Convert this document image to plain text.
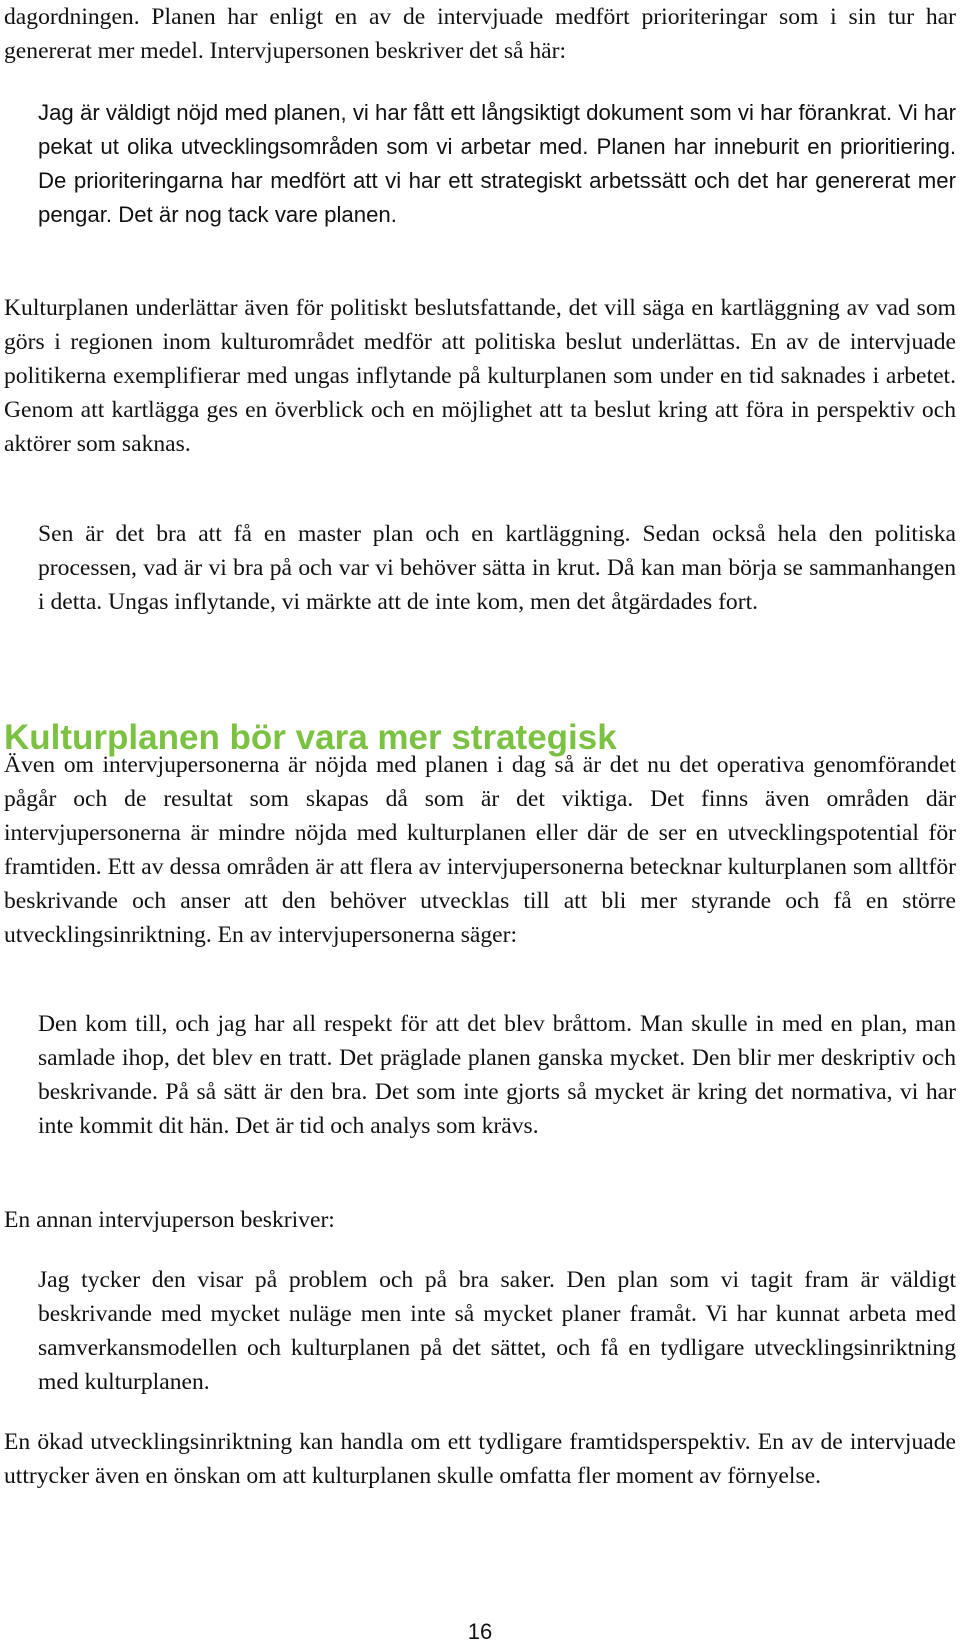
dagordningen. Planen har enligt en av de intervjuade medfört prioriteringar som i sin tur har genererat mer medel. Intervjupersonen beskriver det så här:

Jag är väldigt nöjd med planen, vi har fått ett långsiktigt dokument som vi har förankrat. Vi har pekat ut olika utvecklingsområden som vi arbetar med. Planen har inneburit en prioritiering. De prioriteringarna har medfört att vi har ett strategiskt arbetssätt och det har genererat mer pengar. Det är nog tack vare planen.

Kulturplanen underlättar även för politiskt beslutsfattande, det vill säga en kartläggning av vad som görs i regionen inom kulturområdet medför att politiska beslut underlättas. En av de intervjuade politikerna exemplifierar med ungas inflytande på kulturplanen som under en tid saknades i arbetet. Genom att kartlägga ges en överblick och en möjlighet att ta beslut kring att föra in perspektiv och aktörer som saknas.

Sen är det bra att få en master plan och en kartläggning. Sedan också hela den politiska processen, vad är vi bra på och var vi behöver sätta in krut. Då kan man börja se sammanhangen i detta. Ungas inflytande, vi märkte att de inte kom, men det åtgärdades fort.

Kulturplanen bör vara mer strategisk

Även om intervjupersonerna är nöjda med planen i dag så är det nu det operativa genomförandet pågår och de resultat som skapas då som är det viktiga. Det finns även områden där intervjupersonerna är mindre nöjda med kulturplanen eller där de ser en utvecklingspotential för framtiden. Ett av dessa områden är att flera av intervjupersonerna betecknar kulturplanen som alltför beskrivande och anser att den behöver utvecklas till att bli mer styrande och få en större utvecklingsinriktning. En av intervjupersonerna säger:

Den kom till, och jag har all respekt för att det blev bråttom. Man skulle in med en plan, man samlade ihop, det blev en tratt. Det präglade planen ganska mycket. Den blir mer deskriptiv och beskrivande. På så sätt är den bra. Det som inte gjorts så mycket är kring det normativa, vi har inte kommit dit hän. Det är tid och analys som krävs.

En annan intervjuperson beskriver:

Jag tycker den visar på problem och på bra saker. Den plan som vi tagit fram är väldigt beskrivande med mycket nuläge men inte så mycket planer framåt. Vi har kunnat arbeta med samverkansmodellen och kulturplanen på det sättet, och få en tydligare utvecklingsinriktning med kulturplanen.

En ökad utvecklingsinriktning kan handla om ett tydligare framtidsperspektiv. En av de intervjuade uttrycker även en önskan om att kulturplanen skulle omfatta fler moment av förnyelse.

16
